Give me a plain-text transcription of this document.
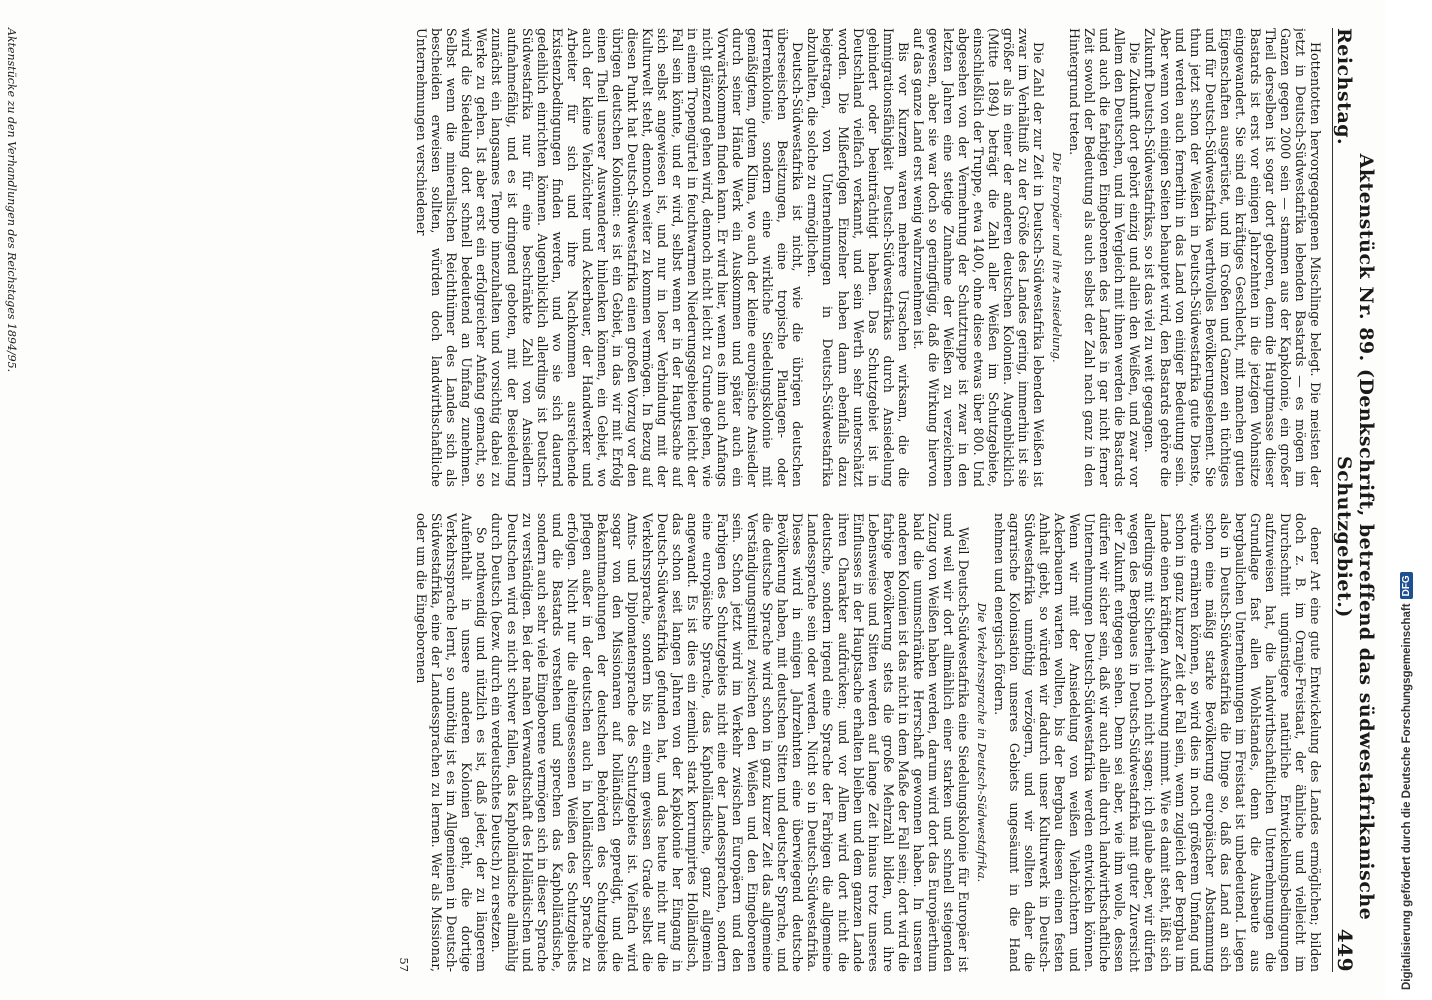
Reichstag.
Aktenstück Nr. 89. (Denkschrift, betreffend das südwestafrikanische Schutzgebiet.)
449

Hottentotten hervorgegangenen Mischlinge belegt. Die meisten der jetzt in Deutsch-Südwestafrika lebenden Bastards — es mögen im Ganzen gegen 2000 sein — stammen aus der Kapkolonie, ein großer Theil derselben ist sogar dort geboren, denn die Hauptmasse dieser Bastards ist erst vor einigen Jahrzehnten in die jetzigen Wohnsitze eingewandert. Sie sind ein kräftiges Geschlecht, mit manchen guten Eigenschaften ausgerüstet, und im Großen und Ganzen ein tüchtiges und für Deutsch-Südwestafrika werthvolles Bevölkerungselement. Sie thun jetzt schon der Weißen in Deutsch-Südwestafrika gute Dienste, und werden auch fernerhin in das Land von einiger Bedeutung sein. Aber wenn von einigen Seiten behauptet wird, den Bastards gehöre die Zukunft Deutsch-Südwestafrikas, so ist das viel zu weit gegangen.

Die Zukunft dort gehört einzig und allein den Weißen, und zwar vor Allem den Deutschen, und im Vergleich mit ihnen werden die Bastards und auch die farbigen Eingeborenen des Landes in gar nicht ferner Zeit sowohl der Bedeutung als auch selbst der Zahl nach ganz in den Hintergrund treten.

Die Europäer und ihre Ansiedelung.

Die Zahl der zur Zeit in Deutsch-Südwestafrika lebenden Weißen ist zwar im Verhältniß zu der Größe des Landes gering, immerhin ist sie größer als in einer der anderen deutschen Kolonien. Augenblicklich (Mitte 1894) beträgt die Zahl aller Weißen im Schutzgebiete, einschließlich der Truppe, etwa 1400, ohne diese etwas über 800. Und abgesehen von der Vermehrung der Schutztruppe ist zwar in den letzten Jahren eine stetige Zunahme der Weißen zu verzeichnen gewesen, aber sie war doch so geringfügig, daß die Wirkung hiervon auf das ganze Land erst wenig wahrzunehmen ist.

Bis vor Kurzem waren mehrere Ursachen wirksam, die die Immigrationsfähigkeit Deutsch-Südwestafrikas durch Ansiedelung gehindert oder beeinträchtigt haben. Das Schutzgebiet ist in Deutschland vielfach verkannt, und sein Werth sehr unterschätzt worden. Die Mißerfolgen Einzelner haben dann ebenfalls dazu beigetragen, von Unternehmungen in Deutsch-Südwestafrika abzuhalten, die solche zu ermöglichen.

Deutsch-Südwestafrika ist nicht, wie die übrigen deutschen überseeischen Besitzungen, eine tropische Plantagen- oder Herrenkolonie, sondern eine wirkliche Siedelungskolonie mit gemäßigtem, gutem Klima, wo auch der kleine europäische Ansiedler durch seiner Hände Werk ein Auskommen und später auch ein Vorwärtskommen finden kann. Er wird hier, wenn es ihm auch Anfangs nicht glänzend gehen wird, dennoch nicht leicht zu Grunde gehen, wie in einem Tropengürtel in feuchtwarmen Niederungsgebieten leicht der Fall sein könnte, und er wird, selbst wenn er in der Hauptsache auf sich selbst angewiesen ist, und nur in loser Verbindung mit der Kulturwelt steht, dennoch weiter zu kommen vermögen. In Bezug auf diesen Punkt hat Deutsch-Südwestafrika einen großen Vorzug vor den übrigen deutschen Kolonien: es ist ein Gebiet, in das wir mit Erfolg einen Theil unserer Auswanderer hinlenken können, ein Gebiet, wo auch der kleine Viehzüchter und Ackerbauer, der Handwerker und Arbeiter für sich und ihre Nachkommen ausreichende Existenzbedingungen finden werden, und wo sie sich dauernd gedeihlich einrichten können. Augenblicklich allerdings ist Deutsch-Südwestafrika nur für eine beschränkte Zahl von Ansiedlern aufnahmefähig, und es ist dringend geboten, mit der Besiedelung zunächst ein langsames Tempo innezuhalten und vorsichtig dabei zu Werke zu gehen. Ist aber erst ein erfolgreicher Anfang gemacht, so wird die Siedelung dort schnell bedeutend an Umfang zunehmen. Selbst wenn die mineralischen Reichthümer des Landes sich als bescheiden erweisen sollten, würden doch landwirthschaftliche Unternehmungen verschiedener

dener Art eine gute Entwickelung des Landes ermöglichen; bilden doch z. B. im Oranje-Freistaat, der ähnliche und vielleicht im Durchschnitt ungünstigere natürliche Entwickelungsbedingungen aufzuweisen hat, die landwirthschaftlichen Unternehmungen die Grundlage fast allen Wohlstandes, denn die Ausbeute aus bergbaulichen Unternehmungen im Freistaat ist unbedeutend. Liegen also in Deutsch-Südwestafrika die Dinge so, daß das Land an sich schon eine mäßig starke Bevölkerung europäischer Abstammung würde ernähren können, so wird dies in noch größerem Umfang und schon in ganz kurzer Zeit der Fall sein, wenn zugleich der Bergbau im Lande einen kräftigen Aufschwung nimmt. Wie es damit steht, läßt sich allerdings mit Sicherheit noch nicht sagen; ich glaube aber, wir dürfen wegen des Bergbaues in Deutsch-Südwestafrika mit guter Zuversicht der Zukunft entgegen sehen. Denn sei aber, wie ihm wolle, dessen dürfen wir sicher sein, daß wir auch allein durch landwirthschaftliche Unternehmungen Deutsch-Südwestafrika werden entwickeln können. Wenn wir mit der Ansiedelung von weißen Viehzüchtern und Ackerbauern warten wollten, bis der Bergbau diesen einen festen Anhalt giebt, so würden wir dadurch unser Kulturwerk in Deutsch-Südwestafrika unnöthig verzögern, und wir sollten daher die agrarische Kolonisation unseres Gebiets ungesäumt in die Hand nehmen und energisch fördern.

Die Verkehrssprache in Deutsch-Südwestafrika.

Weil Deutsch-Südwestafrika eine Siedelungskolonie für Europäer ist und weil wir dort allmählich einer starken und schnell steigenden Zuzug von Weißen haben werden, darum wird dort das Europäerthum bald die unumschränkte Herrschaft gewonnen haben. In unseren anderen Kolonien ist das nicht in dem Maße der Fall sein; dort wird die farbige Bevölkerung stets die große Mehrzahl bilden, und ihre Lebensweise und Sitten werden auf lange Zeit hinaus trotz unseres Einflusses in der Hauptsache erhalten bleiben und dem ganzen Lande ihren Charakter aufdrücken; und vor Allem wird dort nicht die deutsche, sondern irgend eine Sprache der Farbigen die allgemeine Landessprache sein oder werden. Nicht so in Deutsch-Südwestafrika. Dieses wird in einigen Jahrzehnten eine überwiegend deutsche Bevölkerung haben, mit deutschen Sitten und deutscher Sprache, und die deutsche Sprache wird schon in ganz kurzer Zeit das allgemeine Verständigungsmittel zwischen den Weißen und den Eingeborenen sein. Schon jetzt wird im Verkehr zwischen Europäern und den Farbigen des Schutzgebiets nicht eine der Landessprachen, sondern eine europäische Sprache, das Kapholländische, ganz allgemein angewandt. Es ist dies ein ziemlich stark korrumpirtes Holländisch, das schon seit langen Jahren von der Kapkolonie her Eingang in Deutsch-Südwestafrika gefunden hat, und das heute nicht nur die Verkehrssprache, sondern bis zu einem gewissen Grade selbst die Amts- und Diplomatensprache des Schutzgebiets ist. Vielfach wird sogar von den Missionaren auf holländisch gepredigt, und die Bekanntmachungen der deutschen Behörden des Schutzgebiets pflegen außer in der deutschen auch in holländischer Sprache zu erfolgen. Nicht nur die alteingesessenen Weißen des Schutzgebiets und die Bastards verstehen und sprechen das Kapholländische, sondern auch sehr viele Eingeborene vermögen sich in dieser Sprache zu verständigen. Bei der nahen Verwandtschaft des Holländischen und Deutschen wird es nicht schwer fallen, das Kapholländische allmählig durch Deutsch (bezw. durch ein verdeutschtes Deutsch) zu ersetzen.

So nothwendig und nützlich es ist, daß jeder, der zu längerem Aufenthalt in unsere anderen Kolonien geht, die dortige Verkehrssprache lernt, so unnöthig ist es im Allgemeinen in Deutsch-Südwestafrika, eine der Landessprachen zu lernen. Wer als Missionar, oder um die Eingeborenen

57

Aktenstücke zu den Verhandlungen des Reichstages 1894/95.
Digitalisierung gefördert durch die Deutsche Forschungsgemeinschaft
DFG
